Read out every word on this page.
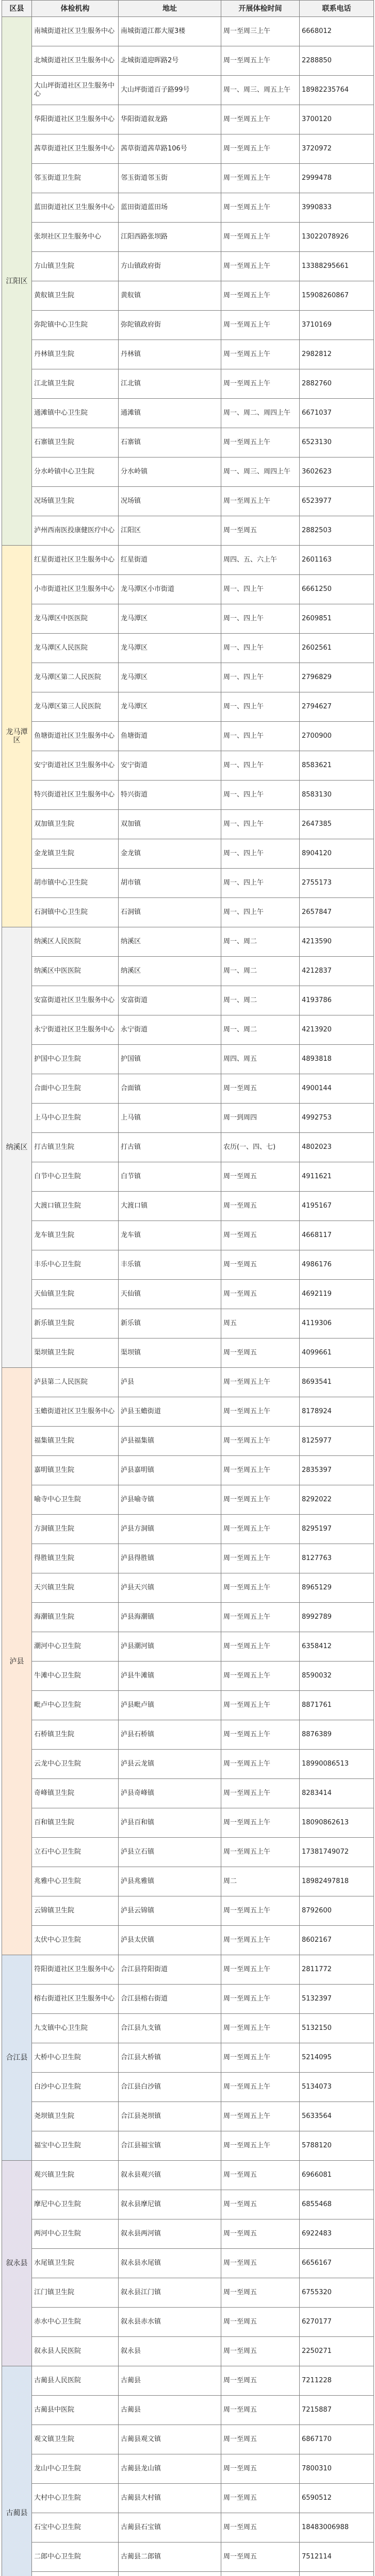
区县	体检机构	地址	开展体检时间	联系电话
江阳区	南城街道社区卫生服务中心	南城街道江都大厦3楼	周一至周三上午	6668012
	北城街道社区卫生服务中心	北城街道迎晖路2号	周一至周五上午	2288850
	大山坪街道社区卫生服务中心	大山坪街道百子路99号	周一、周三、周五上午	18982235764
	华阳街道社区卫生服务中心	华阳街道叙龙路	周一至周五上午	3700120
	茜草街道社区卫生服务中心	茜草街道茜草路106号	周一至周五上午	3720972
	邻玉街道卫生院	邻玉街道邻玉街	周一至周五上午	2999478
	蓝田街道社区卫生服务中心	蓝田街道蓝田场	周一至周五上午	3990833
	张坝社区卫生服务中心	江阳西路张坝路	周一至周五上午	13022078926
	方山镇卫生院	方山镇政府街	周一至周五上午	13388295661
	黄舣镇卫生院	黄舣镇	周一至周五上午	15908260867
	弥陀镇中心卫生院	弥陀镇政府街	周一至周五上午	3710169
	丹林镇卫生院	丹林镇	周一至周五上午	2982812
	江北镇卫生院	江北镇	周一至周五上午	2882760
	通滩镇中心卫生院	通滩镇	周一、周二、周四上午	6671037
	石寨镇卫生院	石寨镇	周一至周五上午	6523130
	分水岭镇中心卫生院	分水岭镇	周一、周三、周四上午	3602623
	况场镇卫生院	况场镇	周一至周五上午	6523977
	泸州西南医投康健医疗中心	江阳区	周一至周五	2882503
龙马潭区	红星街道社区卫生服务中心	红星街道	周四、五、六上午	2601163
	小市街道社区卫生服务中心	龙马潭区小市街道	周一、四上午	6661250
	龙马潭区中医医院	龙马潭区	周一、四上午	2609851
	龙马潭区人民医院	龙马潭区	周一、四上午	2602561
	龙马潭区第二人民医院	龙马潭区	周一、四上午	2796829
	龙马潭区第三人民医院	龙马潭区	周一、四上午	2794627
	鱼塘街道社区卫生服务中心	鱼塘街道	周一、四上午	2700900
	安宁街道社区卫生服务中心	安宁街道	周一、四上午	8583621
	特兴街道社区卫生服务中心	特兴街道	周一、四上午	8583130
	双加镇卫生院	双加镇	周一、四上午	2647385
	金龙镇卫生院	金龙镇	周一、四上午	8904120
	胡市镇中心卫生院	胡市镇	周一、四上午	2755173
	石洞镇中心卫生院	石洞镇	周一、四上午	2657847
纳溪区	纳溪区人民医院	纳溪区	周一、周二	4213590
	纳溪区中医医院	纳溪区	周一、周二	4212837
	安富街道社区卫生服务中心	安富街道	周一、周二	4193786
	永宁街道社区卫生服务中心	永宁街道	周一、周二	4213920
	护国中心卫生院	护国镇	周四、周五	4893818
	合面中心卫生院	合面镇	周一至周五	4900144
	上马中心卫生院	上马镇	周一到周四	4992753
	打古镇卫生院	打古镇	农历(一、四、七)	4802023
	白节中心卫生院	白节镇	周一至周五	4911621
	大渡口镇卫生院	大渡口镇	周一至周五	4195167
	龙车镇卫生院	龙车镇	周一至周五	4668117
	丰乐中心卫生院	丰乐镇	周一至周五	4986176
	天仙镇卫生院	天仙镇	周一至周五	4692119
	新乐镇卫生院	新乐镇	周五	4119306
	渠坝镇卫生院	渠坝镇	周一至周五	4099661
泸县	泸县第二人民医院	泸县	周一至周五上午	8693541
	玉蟾街道社区卫生服务中心	泸县玉蟾街道	周一至周五上午	8178924
	福集镇卫生院	泸县福集镇	周一至周五上午	8125977
	嘉明镇卫生院	泸县嘉明镇	周一至周五上午	2835397
	喻寺中心卫生院	泸县喻寺镇	周一至周五上午	8292022
	方洞镇卫生院	泸县方洞镇	周一至周五上午	8295197
	得胜镇卫生院	泸县得胜镇	周一至周五上午	8127763
	天兴镇卫生院	泸县天兴镇	周一至周五上午	8965129
	海潮镇卫生院	泸县海潮镇	周一至周五上午	8992789
	潮河中心卫生院	泸县潮河镇	周一至周五上午	6358412
	牛滩中心卫生院	泸县牛滩镇	周一至周五上午	8590032
	毗卢中心卫生院	泸县毗卢镇	周一至周五上午	8871761
	石桥镇卫生院	泸县石桥镇	周一至周五上午	8876389
	云龙中心卫生院	泸县云龙镇	周一至周五上午	18990086513
	奇峰镇卫生院	泸县奇峰镇	周一至周五上午	8283414
	百和镇卫生院	泸县百和镇	周一至周五上午	18090862613
	立石中心卫生院	泸县立石镇	周一至周五上午	17381749072
	兆雅中心卫生院	泸县兆雅镇	周二	18982497818
	云锦镇卫生院	泸县云锦镇	周一至周五上午	8792600
	太伏中心卫生院	泸县太伏镇	周一至周五上午	8602167
合江县	符阳街道社区卫生服务中心	合江县符阳街道	周一至周五上午	2811772
	榕右街道社区卫生服务中心	合江县榕右街道	周一至周五上午	5132397
	九支镇中心卫生院	合江县九支镇	周一至周五上午	5132150
	大桥中心卫生院	合江县大桥镇	周一至周五上午	5214095
	白沙中心卫生院	合江县白沙镇	周一至周五上午	5134073
	尧坝镇卫生院	合江县尧坝镇	周一至周五上午	5633564
	福宝中心卫生院	合江县福宝镇	周一至周五上午	5788120
叙永县	观兴镇卫生院	叙永县观兴镇	周一至周五	6966081
	摩尼中心卫生院	叙永县摩尼镇	周一至周五	6855468
	两河中心卫生院	叙永县两河镇	周一至周五	6922483
	水尾镇卫生院	叙永县水尾镇	周一至周五	6656167
	江门镇卫生院	叙永县江门镇	周一至周五	6755320
	赤水中心卫生院	叙永县赤水镇	周一至周五	6270177
	叙永县人民医院	叙永县	周一至周五	2250271
古蔺县	古蔺县人民医院	古蔺县	周一至周五	7211228
	古蔺县中医院	古蔺县	周一至周五	7215887
	观文镇卫生院	古蔺县观文镇	周一至周五	6867170
	龙山中心卫生院	古蔺县龙山镇	周一至周五	7800310
	大村中心卫生院	古蔺县大村镇	周一至周五	6590512
	石宝中心卫生院	古蔺县石宝镇	周一至周五	18483006988
	二郎中心卫生院	古蔺县二郎镇	周一至周五	7512114
